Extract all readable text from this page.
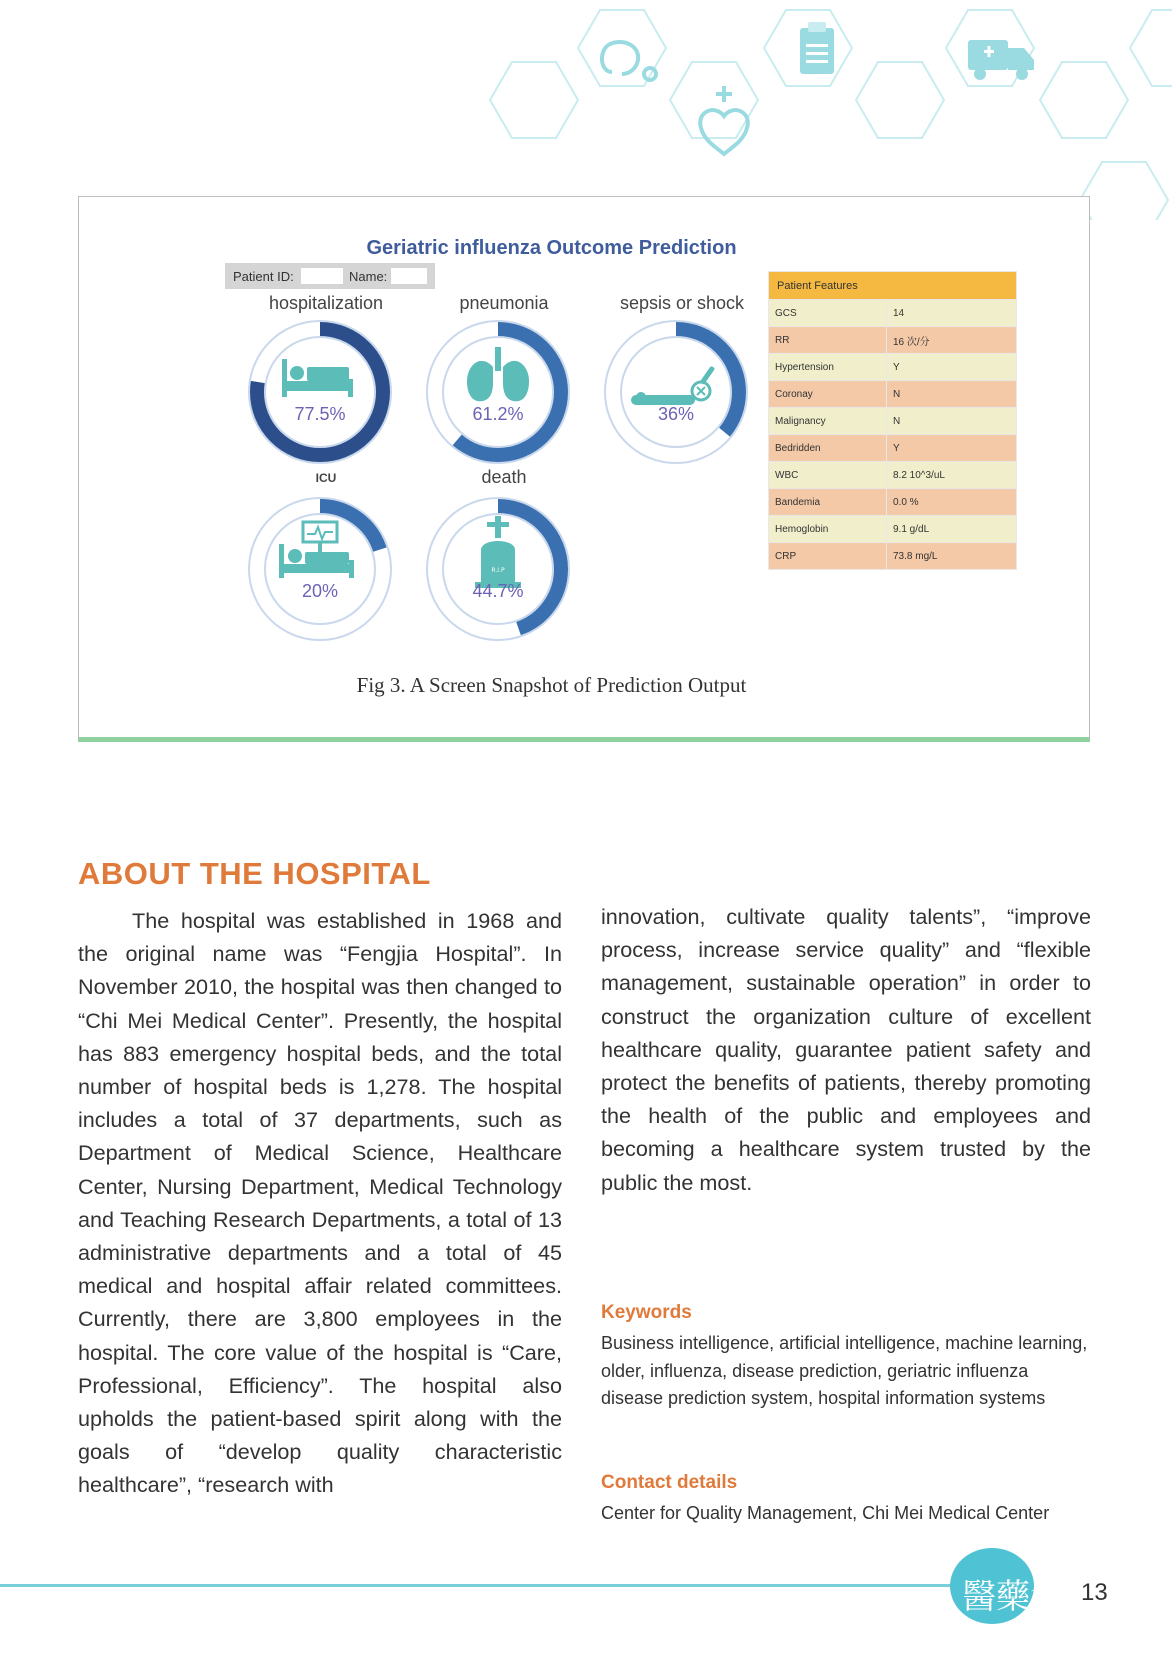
Geriatric influenza Outcome Prediction
Patient ID:	Name:
hospitalization	pneumonia	sepsis or shock
ICU	death
77.5%	61.2%	36%
20%
R.I.P
44.7%
Patient Features	
GCS	14
RR	16 次/分
Hypertension	Y
Coronay	N
Malignancy	N
Bedridden	Y
WBC	8.2 10^3/uL
Bandemia	0.0 %
Hemoglobin	9.1 g/dL
CRP	73.8 mg/L
Fig 3. A Screen Snapshot of Prediction Output
ABOUT THE HOSPITAL

The hospital was established in 1968 and the original name was “Fengjia Hospital”. In November 2010, the hospital was then changed to “Chi Mei Medical Center”. Presently, the hospital has 883 emergency hospital beds, and the total number of hospital beds is 1,278. The hospital includes a total of 37 departments, such as Department of Medical Science, Healthcare Center, Nursing Department, Medical Technology and Teaching Research Departments, a total of 13 administrative departments and a total of 45 medical and hospital affair related committees. Currently, there are 3,800 employees in the hospital. The core value of the hospital is “Care, Professional, Efficiency”. The hospital also upholds the patient-based spirit along with the goals of “develop quality characteristic healthcare”, “research with

innovation, cultivate quality talents”, “improve process, increase service quality” and “flexible management, sustainable operation” in order to construct the organization culture of excellent healthcare quality, guarantee patient safety and protect the benefits of patients, thereby promoting the health of the public and employees and becoming a healthcare system trusted by the public the most.

Keywords
Business intelligence, artificial intelligence, machine learning, older, influenza, disease prediction, geriatric influenza disease prediction system, hospital information systems
Contact details
Center for Quality Management, Chi Mei Medical Center
醫藥會 13
